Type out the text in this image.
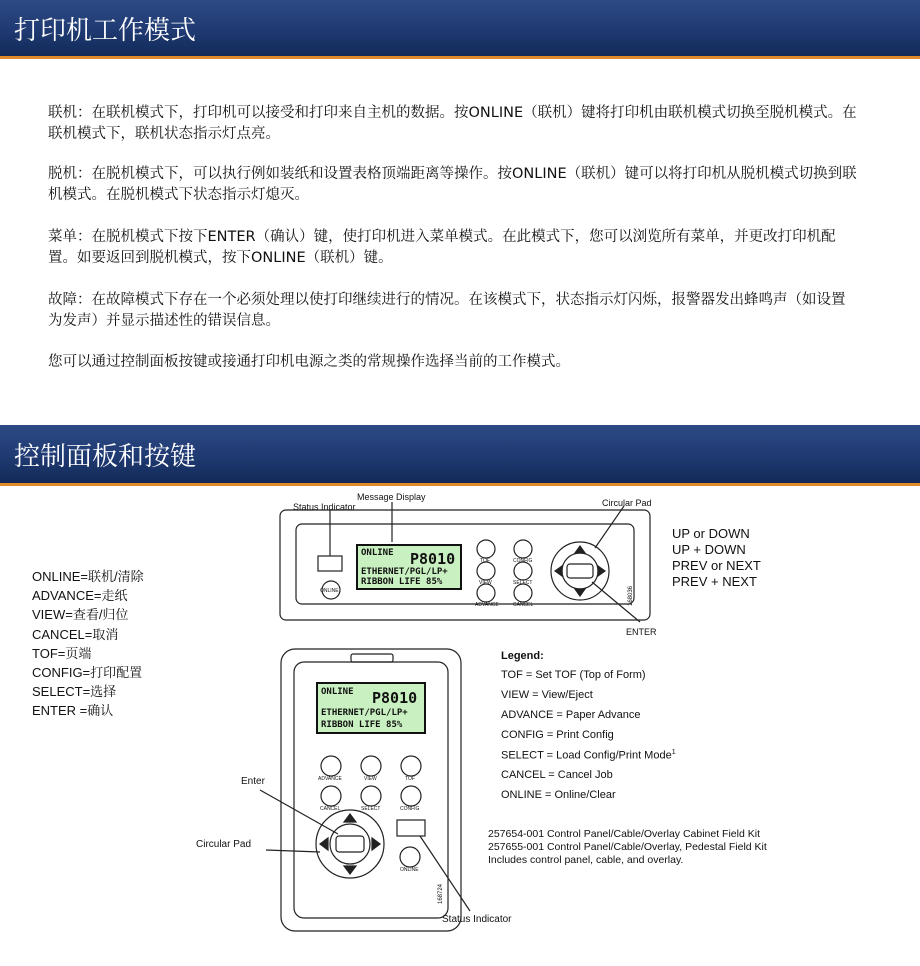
打印机工作模式

联机：在联机模式下，打印机可以接受和打印来自主机的数据。按ONLINE（联机）键将打印机由联机模式切换至脱机模式。在联机模式下，联机状态指示灯点亮。

脱机：在脱机模式下，可以执行例如装纸和设置表格顶端距离等操作。按ONLINE（联机）键可以将打印机从脱机模式切换到联机模式。在脱机模式下状态指示灯熄灭。

菜单：在脱机模式下按下ENTER（确认）键，使打印机进入菜单模式。在此模式下，您可以浏览所有菜单，并更改打印机配置。如要返回到脱机模式，按下ONLINE（联机）键。

故障：在故障模式下存在一个必须处理以使打印继续进行的情况。在该模式下，状态指示灯闪烁，报警器发出蜂鸣声（如设置为发声）并显示描述性的错误信息。

您可以通过控制面板按键或接通打印机电源之类的常规操作选择当前的工作模式。

控制面板和按键
Status Indicator
Message Display
Circular Pad
ENTER
ONLINE
TOF	CONFIG
VIEW	SELECT
ADVANCE	CANCEL	168036
ONLINE P8010
ETHERNET/PGL/LP+
RIBBON LIFE 85%
UP or DOWN
UP + DOWN
PREV or NEXT
PREV + NEXT
ONLINE=联机/清除
ADVANCE=走纸
VIEW=查看/归位
CANCEL=取消
TOF=页端
CONFIG=打印配置
SELECT=选择
ENTER =确认
ONLINE P8010
ETHERNET/PGL/LP+
RIBBON LIFE 85%
ADVANCE	VIEW	TOF
CANCEL	SELECT	CONFIG
ONLINE
168724
Enter
Circular Pad
Status Indicator
Legend:
TOF = Set TOF (Top of Form)
VIEW = View/Eject
ADVANCE = Paper Advance
CONFIG = Print Config
SELECT = Load Config/Print Mode$^1$
CANCEL = Cancel Job
ONLINE = Online/Clear
257654-001 Control Panel/Cable/Overlay Cabinet Field Kit
257655-001 Control Panel/Cable/Overlay, Pedestal Field Kit
Includes control panel, cable, and overlay.
